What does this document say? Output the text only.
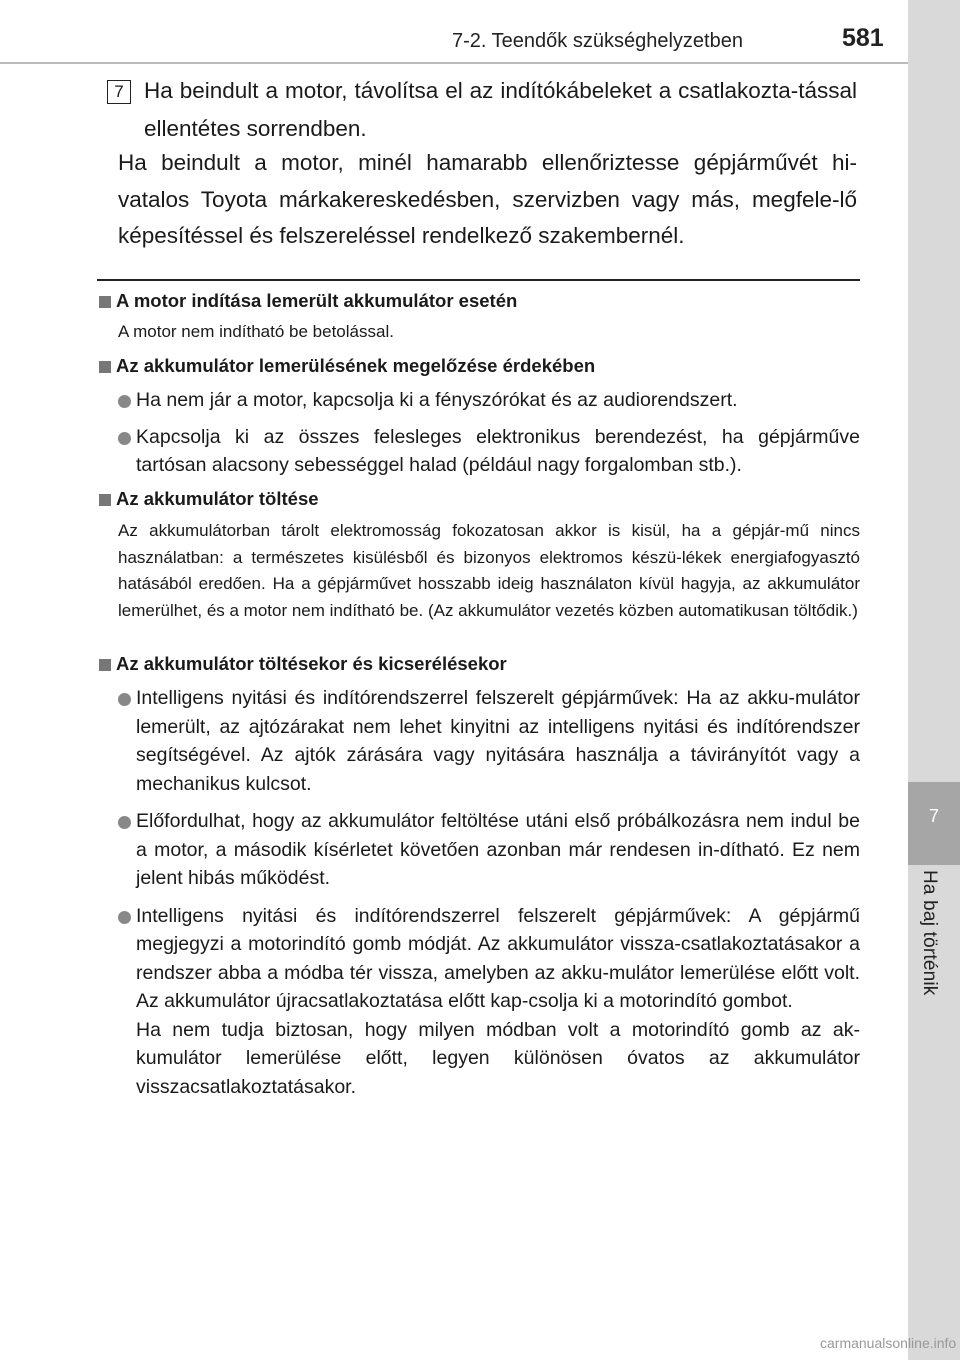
7
Ha baj történik
7-2. Teendők szükséghelyzetben	581
7 Ha beindult a motor, távolítsa el az indítókábeleket a csatlakozta-tással ellentétes sorrendben.
Ha beindult a motor, minél hamarabb ellenőriztesse gépjárművét hi-vatalos Toyota márkakereskedésben, szervizben vagy más, megfele-lő képesítéssel és felszereléssel rendelkező szakembernél.
A motor indítása lemerült akkumulátor esetén
A motor nem indítható be betolással.
Az akkumulátor lemerülésének megelőzése érdekében
Ha nem jár a motor, kapcsolja ki a fényszórókat és az audiorendszert.
Kapcsolja ki az összes felesleges elektronikus berendezést, ha gépjárműve tartósan alacsony sebességgel halad (például nagy forgalomban stb.).
Az akkumulátor töltése
Az akkumulátorban tárolt elektromosság fokozatosan akkor is kisül, ha a gépjár-mű nincs használatban: a természetes kisülésből és bizonyos elektromos készü-lékek energiafogyasztó hatásából eredően. Ha a gépjárművet hosszabb ideig használaton kívül hagyja, az akkumulátor lemerülhet, és a motor nem indítható be. (Az akkumulátor vezetés közben automatikusan töltődik.)
Az akkumulátor töltésekor és kicserélésekor
Intelligens nyitási és indítórendszerrel felszerelt gépjárművek: Ha az akku-mulátor lemerült, az ajtózárakat nem lehet kinyitni az intelligens nyitási és indítórendszer segítségével. Az ajtók zárására vagy nyitására használja a távirányítót vagy a mechanikus kulcsot.
Előfordulhat, hogy az akkumulátor feltöltése utáni első próbálkozásra nem indul be a motor, a második kísérletet követően azonban már rendesen in-dítható. Ez nem jelent hibás működést.
Intelligens nyitási és indítórendszerrel felszerelt gépjárművek: A gépjármű megjegyzi a motorindító gomb módját. Az akkumulátor vissza-csatlakoztatásakor a rendszer abba a módba tér vissza, amelyben az akku-mulátor lemerülése előtt volt. Az akkumulátor újracsatlakoztatása előtt kap-csolja ki a motorindító gombot.
Ha nem tudja biztosan, hogy milyen módban volt a motorindító gomb az ak-kumulátor lemerülése előtt, legyen különösen óvatos az akkumulátor visszacsatlakoztatásakor.
carmanualsonline.info
